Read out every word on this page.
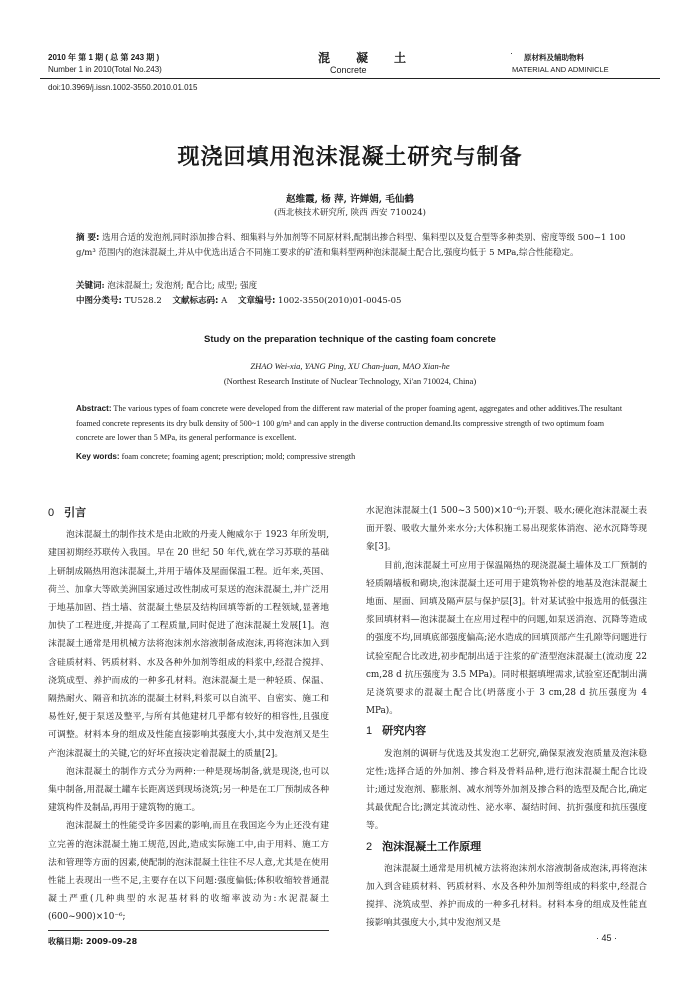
2010 年 第 1 期 ( 总 第 243 期 )
Number 1 in 2010(Total No.243)
混凝土
Concrete
· 原材料及辅助物料
MATERIAL AND ADMINICLE
doi:10.3969/j.issn.1002-3550.2010.01.015
现浇回填用泡沫混凝土研究与制备
赵维霞, 杨 萍, 许婵娟, 毛仙鹤
(西北核技术研究所, 陕西 西安 710024)
摘 要: 选用合适的发泡剂,同时添加掺合料、细集料与外加剂等不同原材料,配制出掺合料型、集料型以及复合型等多种类别、密度等级 500~1 100 g/m³ 范围内的泡沫混凝土,并从中优选出适合不同施工要求的矿渣和集料型两种泡沫混凝土配合比,强度均低于 5 MPa,综合性能稳定。
关键词: 泡沫混凝土; 发泡剂; 配合比; 成型; 强度
中图分类号: TU528.2 文献标志码: A 文章编号: 1002-3550(2010)01-0045-05
Study on the preparation technique of the casting foam concrete
ZHAO Wei-xia, YANG Ping, XU Chan-juan, MAO Xian-he
(Northest Research Institute of Nuclear Technology, Xi'an 710024, China)
Abstract: The various types of foam concrete were developed from the different raw material of the proper foaming agent, aggregates and other additives.The resultant foamed concrete represents its dry bulk density of 500~1 100 g/m³ and can apply in the diverse contruction demand.Its compressive strength of two optimum foam concrete are lower than 5 MPa, its general performance is excellent.
Key words: foam concrete; foaming agent; prescription; mold; compressive strength
0 引言

泡沫混凝土的制作技术是由北欧的丹麦人鲍威尔于 1923 年所发明,建国初期经苏联传入我国。早在 20 世纪 50 年代,就在学习苏联的基础上研制成隔热用泡沫混凝土,并用于墙体及屋面保温工程。近年来,英国、荷兰、加拿大等欧美洲国家通过改性制成可泵送的泡沫混凝土,并广泛用于地基加固、挡土墙、贫混凝土垫层及结构回填等新的工程领域,显著地加快了工程进度,并提高了工程质量,同时促进了泡沫混凝土发展[1]。泡沫混凝土通常是用机械方法将泡沫剂水溶液制备成泡沫,再将泡沫加入到含硅质材料、钙质材料、水及各种外加剂等组成的料浆中,经混合搅拌、浇筑成型、养护而成的一种多孔材料。泡沫混凝土是一种轻质、保温、隔热耐火、隔音和抗冻的混凝土材料,料浆可以自流平、自密实、施工和易性好,便于泵送及整平,与所有其他建材几乎都有较好的相容性,且强度可调整。材料本身的组成及性能直接影响其强度大小,其中发泡剂又是生产泡沫混凝土的关键,它的好坏直接决定着混凝土的质量[2]。

泡沫混凝土的制作方式分为两种:一种是现场制备,就是现浇,也可以集中制备,用混凝土罐车长距离送到现场浇筑;另一种是在工厂预制成各种建筑构件及制品,再用于建筑物的施工。

泡沫混凝土的性能受许多因素的影响,而且在我国迄今为止还没有建立完善的泡沫混凝土施工规范,因此,造成实际施工中,由于用料、施工方法和管理等方面的因素,使配制的泡沫混凝土往往不尽人意,尤其是在使用性能上表现出一些不足,主要存在以下问题:强度偏低;体积收缩较普通混凝土严重(几种典型的水泥基材料的收缩率波动为:水泥混凝土(600~900)×10⁻⁶;

收稿日期: 2009-09-28

水泥泡沫混凝土(1 500~3 500)×10⁻⁶);开裂、吸水;硬化泡沫混凝土表面开裂、吸收大量外来水分;大体积施工易出现浆体消泡、泌水沉降等现象[3]。

目前,泡沫混凝土可应用于保温隔热的现浇混凝土墙体及工厂预制的轻质隔墙板和砌块,泡沫混凝土还可用于建筑物补偿的地基及泡沫混凝土地面、屋面、回填及隔声层与保护层[3]。针对某试验中报选用的低强注浆回填材料—泡沫混凝土在应用过程中的问题,如泵送消泡、沉降等造成的强度不均,回填底部强度偏高;泌水造成的回填顶部产生孔隙等问题进行试验室配合比改进,初步配制出适于注浆的矿渣型泡沫混凝土(流动度 22 cm,28 d 抗压强度为 3.5 MPa)。同时根据填埋需求,试验室还配制出满足浇筑要求的混凝土配合比(坍落度小于 3 cm,28 d 抗压强度为 4 MPa)。

1 研究内容

发泡剂的调研与优选及其发泡工艺研究,确保泵液发泡质量及泡沫稳定性;选择合适的外加剂、掺合料及骨料品种,进行泡沫混凝土配合比设计;通过发泡剂、膨胀剂、减水剂等外加剂及掺合料的选型及配合比,确定其最优配合比;测定其流动性、泌水率、凝结时间、抗折强度和抗压强度等。

2 泡沫混凝土工作原理

泡沫混凝土通常是用机械方法将泡沫剂水溶液制备成泡沫,再将泡沫加入到含硅质材料、钙质材料、水及各种外加剂等组成的料浆中,经混合搅拌、浇筑成型、养护而成的一种多孔材料。材料本身的组成及性能直接影响其强度大小,其中发泡剂又是

· 45 ·
